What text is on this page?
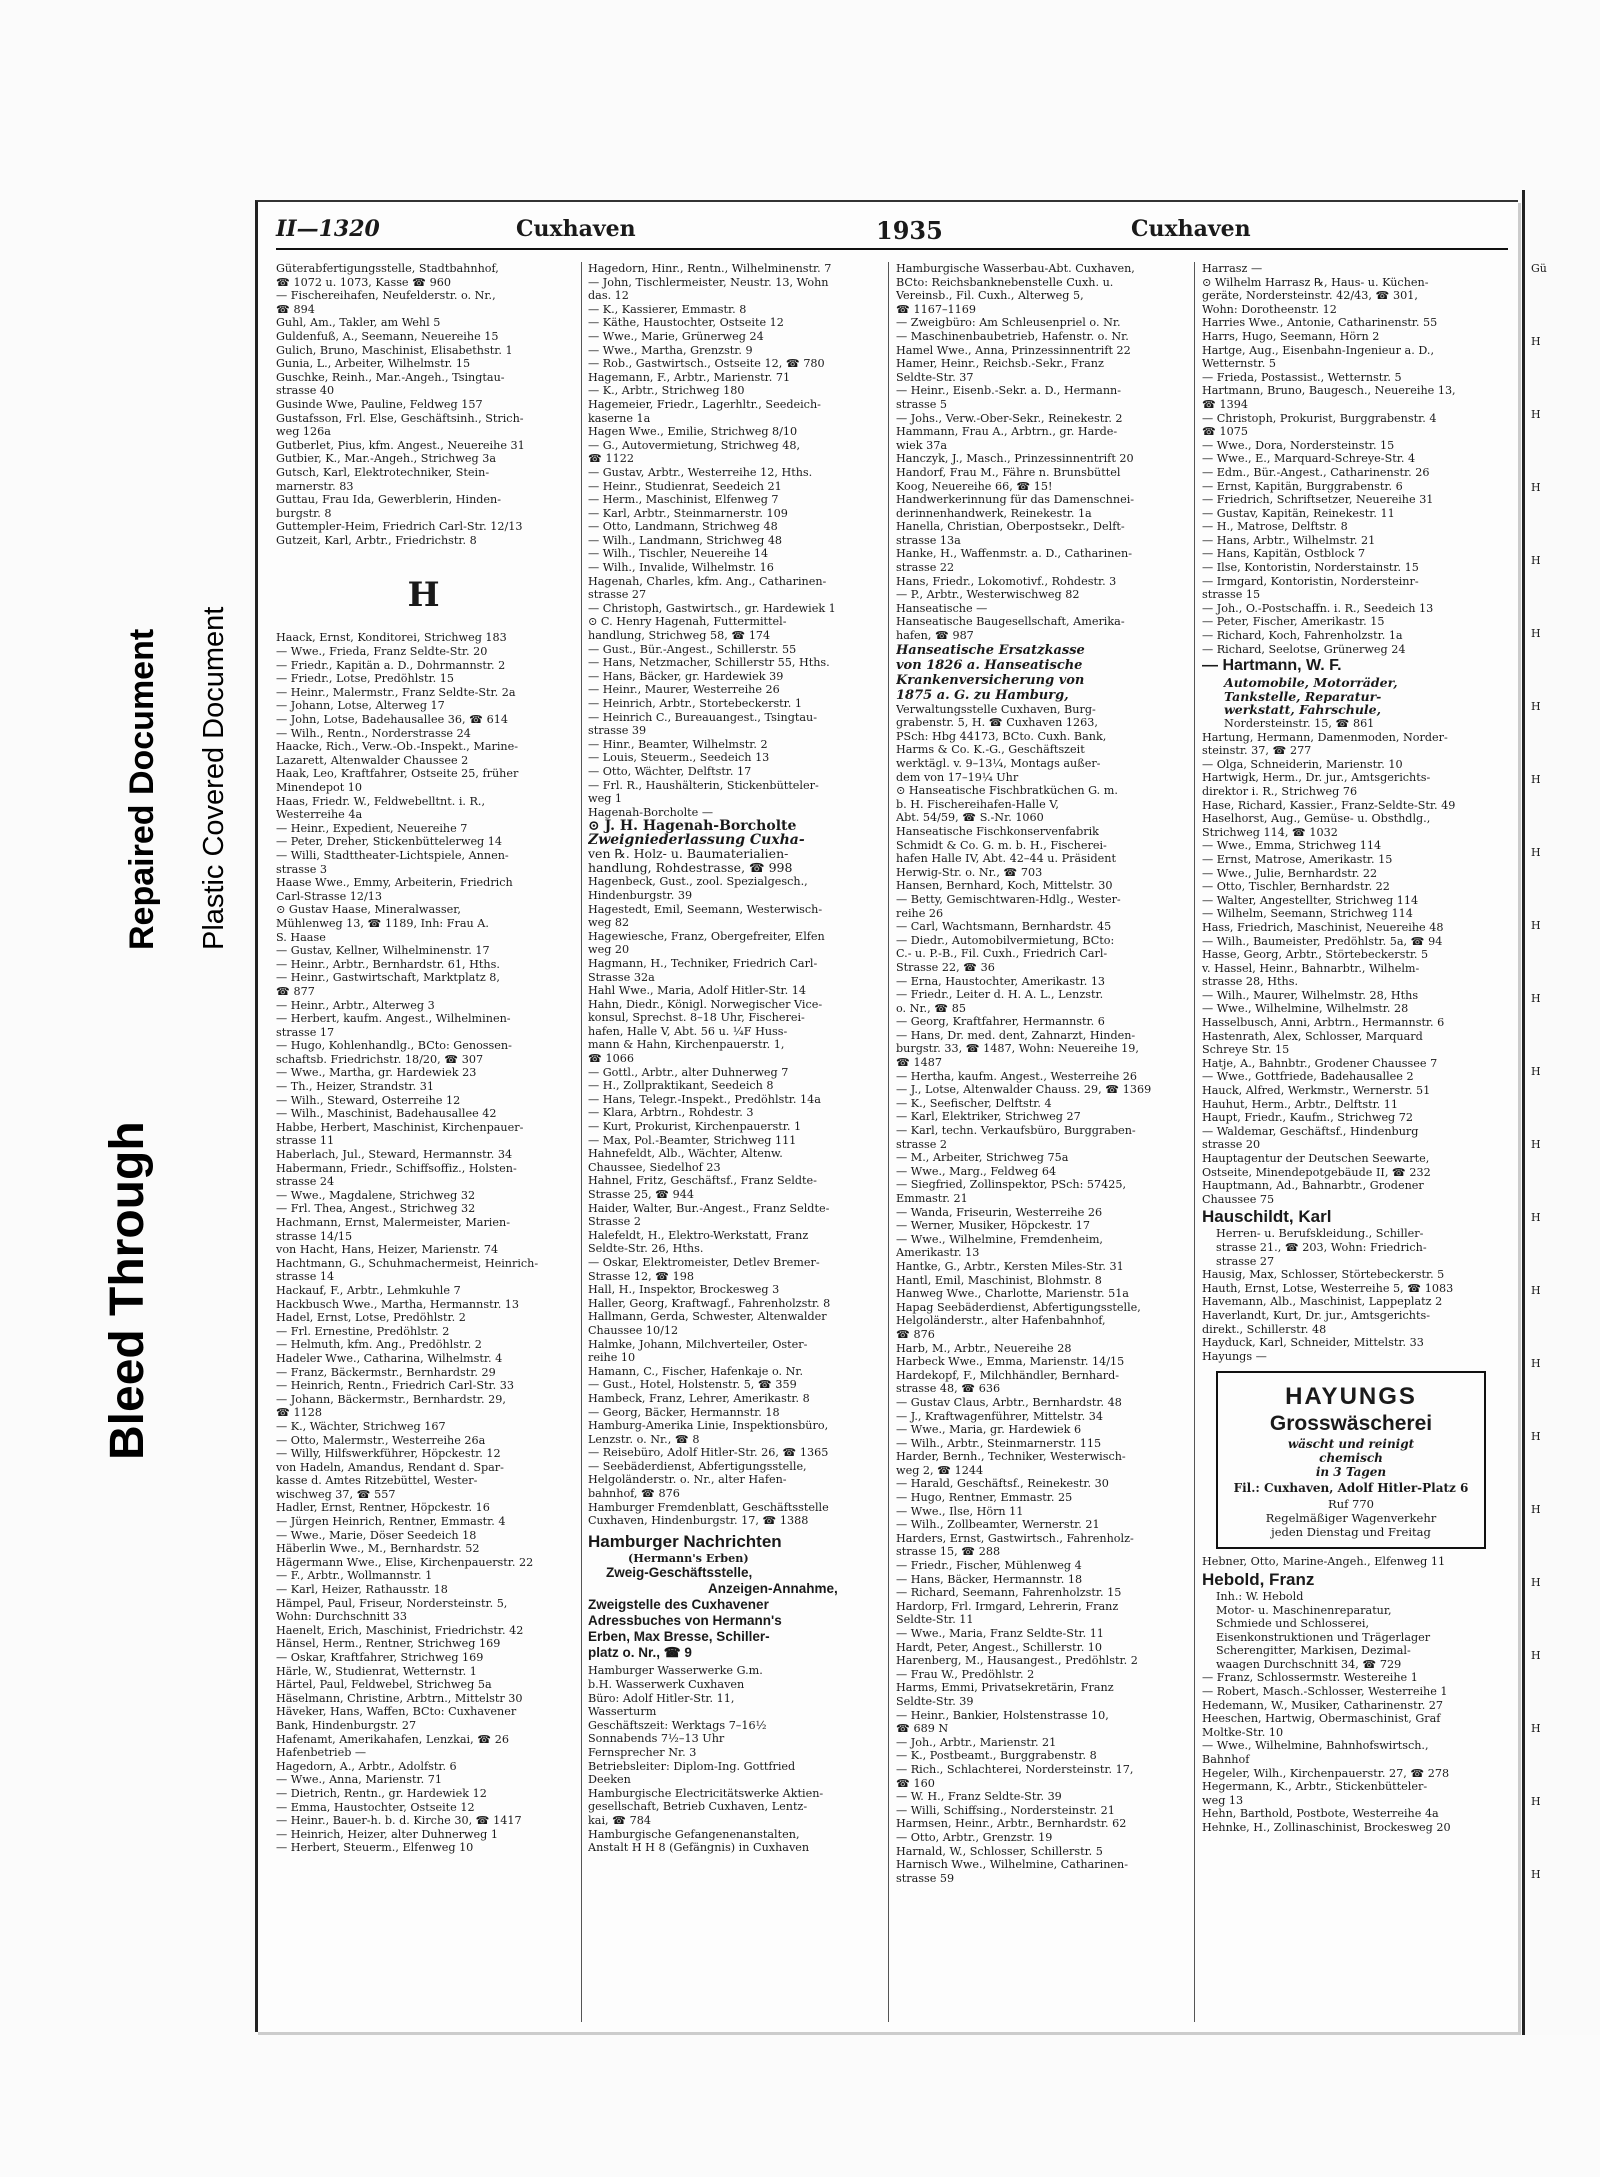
Bleed Through
Repaired Document Plastic Covered Document
II—1320	Cuxhaven	1935	Cuxhaven
Güterabfertigungsstelle, Stadtbahnhof,
☎ 1072 u. 1073, Kasse ☎ 960
— Fischereihafen, Neufelderstr. o. Nr.,
☎ 894
Guhl, Am., Takler, am Wehl 5
Guldenfuß, A., Seemann, Neuereihe 15
Gulich, Bruno, Maschinist, Elisabethstr. 1
Gunia, L., Arbeiter, Wilhelmstr. 15
Guschke, Reinh., Mar.-Angeh., Tsingtau-
strasse 40
Gusinde Wwe, Pauline, Feldweg 157
Gustafsson, Frl. Else, Geschäftsinh., Strich-
weg 126a
Gutberlet, Pius, kfm. Angest., Neuereihe 31
Gutbier, K., Mar.-Angeh., Strichweg 3a
Gutsch, Karl, Elektrotechniker, Stein-
marnerstr. 83
Guttau, Frau Ida, Gewerblerin, Hinden-
burgstr. 8
Guttempler-Heim, Friedrich Carl-Str. 12/13
Gutzeit, Karl, Arbtr., Friedrichstr. 8
H
Haack, Ernst, Konditorei, Strichweg 183
— Wwe., Frieda, Franz Seldte-Str. 20
— Friedr., Kapitän a. D., Dohrmannstr. 2
— Friedr., Lotse, Predöhlstr. 15
— Heinr., Malermstr., Franz Seldte-Str. 2a
— Johann, Lotse, Alterweg 17
— John, Lotse, Badehausallee 36, ☎ 614
— Wilh., Rentn., Norderstrasse 24
Haacke, Rich., Verw.-Ob.-Inspekt., Marine-
Lazarett, Altenwalder Chaussee 2
Haak, Leo, Kraftfahrer, Ostseite 25, früher
Minendepot 10
Haas, Friedr. W., Feldwebelltnt. i. R.,
Westerreihe 4a
— Heinr., Expedient, Neuereihe 7
— Peter, Dreher, Stickenbüttelerweg 14
— Willi, Stadttheater-Lichtspiele, Annen-
strasse 3
Haase Wwe., Emmy, Arbeiterin, Friedrich
Carl-Strasse 12/13
⊙ Gustav Haase, Mineralwasser,
Mühlenweg 13, ☎ 1189, Inh: Frau A.
S. Haase
— Gustav, Kellner, Wilhelminenstr. 17
— Heinr., Arbtr., Bernhardstr. 61, Hths.
— Heinr., Gastwirtschaft, Marktplatz 8,
☎ 877
— Heinr., Arbtr., Alterweg 3
— Herbert, kaufm. Angest., Wilhelminen-
strasse 17
— Hugo, Kohlenhandlg., BCto: Genossen-
schaftsb. Friedrichstr. 18/20, ☎ 307
— Wwe., Martha, gr. Hardewiek 23
— Th., Heizer, Strandstr. 31
— Wilh., Steward, Osterreihe 12
— Wilh., Maschinist, Badehausallee 42
Habbe, Herbert, Maschinist, Kirchenpauer-
strasse 11
Haberlach, Jul., Steward, Hermannstr. 34
Habermann, Friedr., Schiffsoffiz., Holsten-
strasse 24
— Wwe., Magdalene, Strichweg 32
— Frl. Thea, Angest., Strichweg 32
Hachmann, Ernst, Malermeister, Marien-
strasse 14/15
von Hacht, Hans, Heizer, Marienstr. 74
Hachtmann, G., Schuhmachermeist, Heinrich-
strasse 14
Hackauf, F., Arbtr., Lehmkuhle 7
Hackbusch Wwe., Martha, Hermannstr. 13
Hadel, Ernst, Lotse, Predöhlstr. 2
— Frl. Ernestine, Predöhlstr. 2
— Helmuth, kfm. Ang., Predöhlstr. 2
Hadeler Wwe., Catharina, Wilhelmstr. 4
— Franz, Bäckermstr., Bernhardstr. 29
— Heinrich, Rentn., Friedrich Carl-Str. 33
— Johann, Bäckermstr., Bernhardstr. 29,
☎ 1128
— K., Wächter, Strichweg 167
— Otto, Malermstr., Westerreihe 26a
— Willy, Hilfswerkführer, Höpckestr. 12
von Hadeln, Amandus, Rendant d. Spar-
kasse d. Amtes Ritzebüttel, Wester-
wischweg 37, ☎ 557
Hadler, Ernst, Rentner, Höpckestr. 16
— Jürgen Heinrich, Rentner, Emmastr. 4
— Wwe., Marie, Döser Seedeich 18
Häberlin Wwe., M., Bernhardstr. 52
Hägermann Wwe., Elise, Kirchenpauerstr. 22
— F., Arbtr., Wollmannstr. 1
— Karl, Heizer, Rathausstr. 18
Hämpel, Paul, Friseur, Nordersteinstr. 5,
Wohn: Durchschnitt 33
Haenelt, Erich, Maschinist, Friedrichstr. 42
Hänsel, Herm., Rentner, Strichweg 169
— Oskar, Kraftfahrer, Strichweg 169
Härle, W., Studienrat, Wetternstr. 1
Härtel, Paul, Feldwebel, Strichweg 5a
Häselmann, Christine, Arbtrn., Mittelstr 30
Häveker, Hans, Waffen, BCto: Cuxhavener
Bank, Hindenburgstr. 27
Hafenamt, Amerikahafen, Lenzkai, ☎ 26
Hafenbetrieb —
Hagedorn, A., Arbtr., Adolfstr. 6
— Wwe., Anna, Marienstr. 71
— Dietrich, Rentn., gr. Hardewiek 12
— Emma, Haustochter, Ostseite 12
— Heinr., Bauer-h. b. d. Kirche 30, ☎ 1417
— Heinrich, Heizer, alter Duhnerweg 1
— Herbert, Steuerm., Elfenweg 10
Hagedorn, Hinr., Rentn., Wilhelminenstr. 7
— John, Tischlermeister, Neustr. 13, Wohn
das. 12
— K., Kassierer, Emmastr. 8
— Käthe, Haustochter, Ostseite 12
— Wwe., Marie, Grünerweg 24
— Wwe., Martha, Grenzstr. 9
— Rob., Gastwirtsch., Ostseite 12, ☎ 780
Hagemann, F., Arbtr., Marienstr. 71
— K., Arbtr., Strichweg 180
Hagemeier, Friedr., Lagerhltr., Seedeich-
kaserne 1a
Hagen Wwe., Emilie, Strichweg 8/10
— G., Autovermietung, Strichweg 48,
☎ 1122
— Gustav, Arbtr., Westerreihe 12, Hths.
— Heinr., Studienrat, Seedeich 21
— Herm., Maschinist, Elfenweg 7
— Karl, Arbtr., Steinmarnerstr. 109
— Otto, Landmann, Strichweg 48
— Wilh., Landmann, Strichweg 48
— Wilh., Tischler, Neuereihe 14
— Wilh., Invalide, Wilhelmstr. 16
Hagenah, Charles, kfm. Ang., Catharinen-
strasse 27
— Christoph, Gastwirtsch., gr. Hardewiek 1
⊙ C. Henry Hagenah, Futtermittel-
handlung, Strichweg 58, ☎ 174
— Gust., Bür.-Angest., Schillerstr. 55
— Hans, Netzmacher, Schillerstr 55, Hths.
— Hans, Bäcker, gr. Hardewiek 39
— Heinr., Maurer, Westerreihe 26
— Heinrich, Arbtr., Stortebeckerstr. 1
— Heinrich C., Bureauangest., Tsingtau-
strasse 39
— Hinr., Beamter, Wilhelmstr. 2
— Louis, Steuerm., Seedeich 13
— Otto, Wächter, Delftstr. 17
— Frl. R., Haushälterin, Stickenbütteler-
weg 1
Hagenah-Borcholte —
⊙ J. H. Hagenah-Borcholte
Zweigniederlassung Cuxha-
ven ℞. Holz- u. Baumaterialien-
handlung, Rohdestrasse, ☎ 998
Hagenbeck, Gust., zool. Spezialgesch.,
Hindenburgstr. 39
Hagestedt, Emil, Seemann, Westerwisch-
weg 82
Hagewiesche, Franz, Obergefreiter, Elfen
weg 20
Hagmann, H., Techniker, Friedrich Carl-
Strasse 32a
Hahl Wwe., Maria, Adolf Hitler-Str. 14
Hahn, Diedr., Königl. Norwegischer Vice-
konsul, Sprechst. 8–18 Uhr, Fischerei-
hafen, Halle V, Abt. 56 u. ¼F Huss-
mann & Hahn, Kirchenpauerstr. 1,
☎ 1066
— Gottl., Arbtr., alter Duhnerweg 7
— H., Zollpraktikant, Seedeich 8
— Hans, Telegr.-Inspekt., Predöhlstr. 14a
— Klara, Arbtrn., Rohdestr. 3
— Kurt, Prokurist, Kirchenpauerstr. 1
— Max, Pol.-Beamter, Strichweg 111
Hahnefeldt, Alb., Wächter, Altenw.
Chaussee, Siedelhof 23
Hahnel, Fritz, Geschäftsf., Franz Seldte-
Strasse 25, ☎ 944
Haider, Walter, Bur.-Angest., Franz Seldte-
Strasse 2
Halefeldt, H., Elektro-Werkstatt, Franz
Seldte-Str. 26, Hths.
— Oskar, Elektromeister, Detlev Bremer-
Strasse 12, ☎ 198
Hall, H., Inspektor, Brockesweg 3
Haller, Georg, Kraftwagf., Fahrenholzstr. 8
Hallmann, Gerda, Schwester, Altenwalder
Chaussee 10/12
Halmke, Johann, Milchverteiler, Oster-
reihe 10
Hamann, C., Fischer, Hafenkaje o. Nr.
— Gust., Hotel, Holstenstr. 5, ☎ 359
Hambeck, Franz, Lehrer, Amerikastr. 8
— Georg, Bäcker, Hermannstr. 18
Hamburg-Amerika Linie, Inspektionsbüro,
Lenzstr. o. Nr., ☎ 8
— Reisebüro, Adolf Hitler-Str. 26, ☎ 1365
— Seebäderdienst, Abfertigungsstelle,
Helgoländerstr. o. Nr., alter Hafen-
bahnhof, ☎ 876
Hamburger Fremdenblatt, Geschäftsstelle
Cuxhaven, Hindenburgstr. 17, ☎ 1388
Hamburger Nachrichten
(Hermann's Erben)
Zweig-Geschäftsstelle,
Anzeigen-Annahme,
Zweigstelle des Cuxhavener
Adressbuches von Hermann's
Erben, Max Bresse, Schiller-
platz o. Nr., ☎ 9
Hamburger Wasserwerke G.m.
b.H. Wasserwerk Cuxhaven
Büro: Adolf Hitler-Str. 11,
Wasserturm
Geschäftszeit: Werktags 7–16½
Sonnabends 7½–13 Uhr
Fernsprecher Nr. 3
Betriebsleiter: Diplom-Ing. Gottfried
Deeken
Hamburgische Electricitätswerke Aktien-
gesellschaft, Betrieb Cuxhaven, Lentz-
kai, ☎ 784
Hamburgische Gefangenenanstalten,
Anstalt H H 8 (Gefängnis) in Cuxhaven
Hamburgische Wasserbau-Abt. Cuxhaven,
BCto: Reichsbanknebenstelle Cuxh. u.
Vereinsb., Fil. Cuxh., Alterweg 5,
☎ 1167–1169
— Zweigbüro: Am Schleusenpriel o. Nr.
— Maschinenbaubetrieb, Hafenstr. o. Nr.
Hamel Wwe., Anna, Prinzessinnentrift 22
Hamer, Heinr., Reichsb.-Sekr., Franz
Seldte-Str. 37
— Heinr., Eisenb.-Sekr. a. D., Hermann-
strasse 5
— Johs., Verw.-Ober-Sekr., Reinekestr. 2
Hammann, Frau A., Arbtrn., gr. Harde-
wiek 37a
Hanczyk, J., Masch., Prinzessinnentrift 20
Handorf, Frau M., Fähre n. Brunsbüttel
Koog, Neuereihe 66, ☎ 15!
Handwerkerinnung für das Damenschnei-
derinnenhandwerk, Reinekestr. 1a
Hanella, Christian, Oberpostsekr., Delft-
strasse 13a
Hanke, H., Waffenmstr. a. D., Catharinen-
strasse 22
Hans, Friedr., Lokomotivf., Rohdestr. 3
— P., Arbtr., Westerwischweg 82
Hanseatische —
Hanseatische Baugesellschaft, Amerika-
hafen, ☎ 987
Hanseatische Ersatzkasse
von 1826 a. Hanseatische
Krankenversicherung von
1875 a. G. zu Hamburg,
Verwaltungsstelle Cuxhaven, Burg-
grabenstr. 5, H. ☎ Cuxhaven 1263,
PSch: Hbg 44173, BCto. Cuxh. Bank,
Harms & Co. K.-G., Geschäftszeit
werktägl. v. 9–13¼, Montags außer-
dem von 17–19¼ Uhr
⊙ Hanseatische Fischbratküchen G. m.
b. H. Fischereihafen-Halle V,
Abt. 54/59, ☎ S.-Nr. 1060
Hanseatische Fischkonservenfabrik
Schmidt & Co. G. m. b. H., Fischerei-
hafen Halle IV, Abt. 42–44 u. Präsident
Herwig-Str. o. Nr., ☎ 703
Hansen, Bernhard, Koch, Mittelstr. 30
— Betty, Gemischtwaren-Hdlg., Wester-
reihe 26
— Carl, Wachtsmann, Bernhardstr. 45
— Diedr., Automobilvermietung, BCto:
C.- u. P.-B., Fil. Cuxh., Friedrich Carl-
Strasse 22, ☎ 36
— Erna, Haustochter, Amerikastr. 13
— Friedr., Leiter d. H. A. L., Lenzstr.
o. Nr., ☎ 85
— Georg, Kraftfahrer, Hermannstr. 6
— Hans, Dr. med. dent, Zahnarzt, Hinden-
burgstr. 33, ☎ 1487, Wohn: Neuereihe 19,
☎ 1487
— Hertha, kaufm. Angest., Westerreihe 26
— J., Lotse, Altenwalder Chauss. 29, ☎ 1369
— K., Seefischer, Delftstr. 4
— Karl, Elektriker, Strichweg 27
— Karl, techn. Verkaufsbüro, Burggraben-
strasse 2
— M., Arbeiter, Strichweg 75a
— Wwe., Marg., Feldweg 64
— Siegfried, Zollinspektor, PSch: 57425,
Emmastr. 21
— Wanda, Friseurin, Westerreihe 26
— Werner, Musiker, Höpckestr. 17
— Wwe., Wilhelmine, Fremdenheim,
Amerikastr. 13
Hantke, G., Arbtr., Kersten Miles-Str. 31
Hantl, Emil, Maschinist, Blohmstr. 8
Hanweg Wwe., Charlotte, Marienstr. 51a
Hapag Seebäderdienst, Abfertigungsstelle,
Helgoländerstr., alter Hafenbahnhof,
☎ 876
Harb, M., Arbtr., Neuereihe 28
Harbeck Wwe., Emma, Marienstr. 14/15
Hardekopf, F., Milchhändler, Bernhard-
strasse 48, ☎ 636
— Gustav Claus, Arbtr., Bernhardstr. 48
— J., Kraftwagenführer, Mittelstr. 34
— Wwe., Maria, gr. Hardewiek 6
— Wilh., Arbtr., Steinmarnerstr. 115
Harder, Bernh., Techniker, Westerwisch-
weg 2, ☎ 1244
— Harald, Geschäftsf., Reinekestr. 30
— Hugo, Rentner, Emmastr. 25
— Wwe., Ilse, Hörn 11
— Wilh., Zollbeamter, Wernerstr. 21
Harders, Ernst, Gastwirtsch., Fahrenholz-
strasse 15, ☎ 288
— Friedr., Fischer, Mühlenweg 4
— Hans, Bäcker, Hermannstr. 18
— Richard, Seemann, Fahrenholzstr. 15
Hardorp, Frl. Irmgard, Lehrerin, Franz
Seldte-Str. 11
— Wwe., Maria, Franz Seldte-Str. 11
Hardt, Peter, Angest., Schillerstr. 10
Harenberg, M., Hausangest., Predöhlstr. 2
— Frau W., Predöhlstr. 2
Harms, Emmi, Privatsekretärin, Franz
Seldte-Str. 39
— Heinr., Bankier, Holstenstrasse 10,
☎ 689 N
— Joh., Arbtr., Marienstr. 21
— K., Postbeamt., Burggrabenstr. 8
— Rich., Schlachterei, Nordersteinstr. 17,
☎ 160
— W. H., Franz Seldte-Str. 39
— Willi, Schiffsing., Nordersteinstr. 21
Harmsen, Heinr., Arbtr., Bernhardstr. 62
— Otto, Arbtr., Grenzstr. 19
Harnald, W., Schlosser, Schillerstr. 5
Harnisch Wwe., Wilhelmine, Catharinen-
strasse 59
Harrasz —
⊙ Wilhelm Harrasz ℞, Haus- u. Küchen-
geräte, Nordersteinstr. 42/43, ☎ 301,
Wohn: Dorotheenstr. 12
Harries Wwe., Antonie, Catharinenstr. 55
Harrs, Hugo, Seemann, Hörn 2
Hartge, Aug., Eisenbahn-Ingenieur a. D.,
Wetternstr. 5
— Frieda, Postassist., Wetternstr. 5
Hartmann, Bruno, Baugesch., Neuereihe 13,
☎ 1394
— Christoph, Prokurist, Burggrabenstr. 4
☎ 1075
— Wwe., Dora, Nordersteinstr. 15
— Wwe., E., Marquard-Schreye-Str. 4
— Edm., Bür.-Angest., Catharinenstr. 26
— Ernst, Kapitän, Burggrabenstr. 6
— Friedrich, Schriftsetzer, Neuereihe 31
— Gustav, Kapitän, Reinekestr. 11
— H., Matrose, Delftstr. 8
— Hans, Arbtr., Wilhelmstr. 21
— Hans, Kapitän, Ostblock 7
— Ilse, Kontoristin, Norderstainstr. 15
— Irmgard, Kontoristin, Nordersteinr-
strasse 15
— Joh., O.-Postschaffn. i. R., Seedeich 13
— Peter, Fischer, Amerikastr. 15
— Richard, Koch, Fahrenholzstr. 1a
— Richard, Seelotse, Grünerweg 24
— Hartmann, W. F.
Automobile, Motorräder,
Tankstelle, Reparatur-
werkstatt, Fahrschule,
Nordersteinstr. 15, ☎ 861
Hartung, Hermann, Damenmoden, Norder-
steinstr. 37, ☎ 277
— Olga, Schneiderin, Marienstr. 10
Hartwigk, Herm., Dr. jur., Amtsgerichts-
direktor i. R., Strichweg 76
Hase, Richard, Kassier., Franz-Seldte-Str. 49
Haselhorst, Aug., Gemüse- u. Obsthdlg.,
Strichweg 114, ☎ 1032
— Wwe., Emma, Strichweg 114
— Ernst, Matrose, Amerikastr. 15
— Wwe., Julie, Bernhardstr. 22
— Otto, Tischler, Bernhardstr. 22
— Walter, Angestellter, Strichweg 114
— Wilhelm, Seemann, Strichweg 114
Hass, Friedrich, Maschinist, Neuereihe 48
— Wilh., Baumeister, Predöhlstr. 5a, ☎ 94
Hasse, Georg, Arbtr., Störtebeckerstr. 5
v. Hassel, Heinr., Bahnarbtr., Wilhelm-
strasse 28, Hths.
— Wilh., Maurer, Wilhelmstr. 28, Hths
— Wwe., Wilhelmine, Wilhelmstr. 28
Hasselbusch, Anni, Arbtrn., Hermannstr. 6
Hastenrath, Alex, Schlosser, Marquard
Schreye Str. 15
Hatje, A., Bahnbtr., Grodener Chaussee 7
— Wwe., Gottfriede, Badehausallee 2
Hauck, Alfred, Werkmstr., Wernerstr. 51
Hauhut, Herm., Arbtr., Delftstr. 11
Haupt, Friedr., Kaufm., Strichweg 72
— Waldemar, Geschäftsf., Hindenburg
strasse 20
Hauptagentur der Deutschen Seewarte,
Ostseite, Minendepotgebäude II, ☎ 232
Hauptmann, Ad., Bahnarbtr., Grodener
Chaussee 75
Hauschildt, Karl
Herren- u. Berufskleidung., Schiller-
strasse 21., ☎ 203, Wohn: Friedrich-
strasse 27
Hausig, Max, Schlosser, Störtebeckerstr. 5
Hauth, Ernst, Lotse, Westerreihe 5, ☎ 1083
Havemann, Alb., Maschinist, Lappeplatz 2
Haverlandt, Kurt, Dr. jur., Amtsgerichts-
direkt., Schillerstr. 48
Hayduck, Karl, Schneider, Mittelstr. 33
Hayungs —
HAYUNGS
Grosswäscherei
wäscht und reinigt
chemisch
in 3 Tagen
Fil.: Cuxhaven, Adolf Hitler-Platz 6
Ruf 770
Regelmäßiger Wagenverkehr
jeden Dienstag und Freitag
Hebner, Otto, Marine-Angeh., Elfenweg 11
Hebold, Franz
Inh.: W. Hebold
Motor- u. Maschinenreparatur,
Schmiede und Schlosserei,
Eisenkonstruktionen und Trägerlager
Scherengitter, Markisen, Dezimal-
waagen Durchschnitt 34, ☎ 729
— Franz, Schlossermstr. Westereihe 1
— Robert, Masch.-Schlosser, Westerreihe 1
Hedemann, W., Musiker, Catharinenstr. 27
Heeschen, Hartwig, Obermaschinist, Graf
Moltke-Str. 10
— Wwe., Wilhelmine, Bahnhofswirtsch.,
Bahnhof
Hegeler, Wilh., Kirchenpauerstr. 27, ☎ 278
Hegermann, K., Arbtr., Stickenbütteler-
weg 13
Hehn, Barthold, Postbote, Westerreihe 4a
Hehnke, H., Zollinaschinist, Brockesweg 20
Gü
H
H
H
H
H
H
H
H
H
H
H
H
H
H
H
H
H
H
H
H
H
H
